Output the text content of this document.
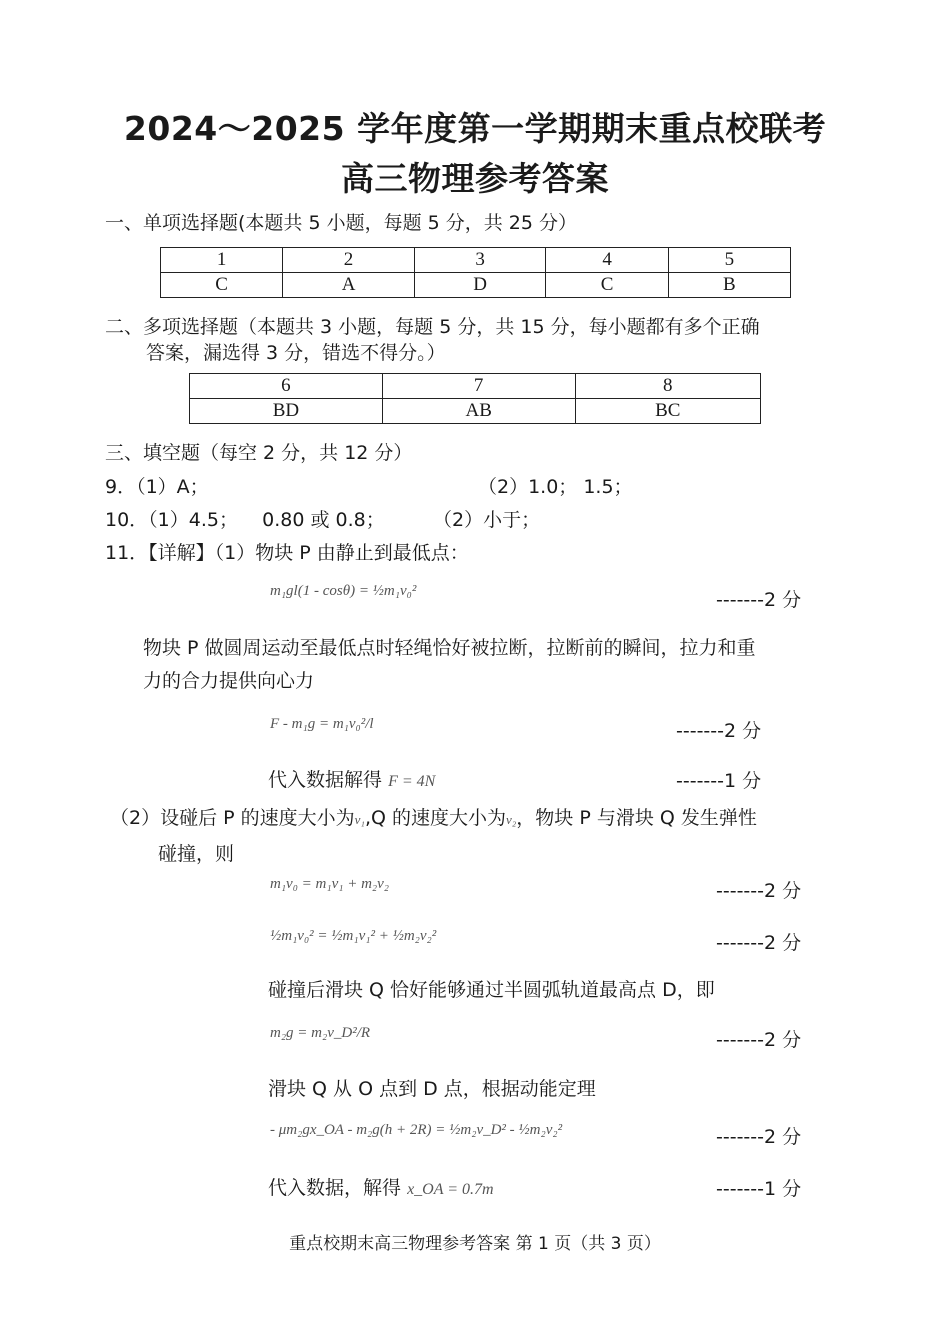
2024～2025 学年度第一学期期末重点校联考
高三物理参考答案
一、单项选择题(本题共 5 小题，每题 5 分，共 25 分）
1	2	3	4	5
C	A	D	C	B
二、多项选择题（本题共 3 小题，每题 5 分，共 15 分，每小题都有多个正确
答案，漏选得 3 分，错选不得分。）
6	7	8
BD	AB	BC
三、填空题（每空 2 分，共 12 分）
9．（1）A；	（2）1.0； 1.5；
10．（1）4.5；    0.80 或 0.8；        （2）小于；
11．【详解】（1）物块 P 由静止到最低点：
m₁gl(1 - cosθ) = ½m₁v₀²	-------2 分
物块 P 做圆周运动至最低点时轻绳恰好被拉断，拉断前的瞬间，拉力和重
力的合力提供向心力
F - m₁g = m₁v₀²/l	-------2 分
代入数据解得 F = 4N	-------1 分
（2）设碰后 P 的速度大小为v₁,Q 的速度大小为v₂，物块 P 与滑块 Q 发生弹性
碰撞，则
m₁v₀ = m₁v₁ + m₂v₂	-------2 分
½m₁v₀² = ½m₁v₁² + ½m₂v₂²	-------2 分
碰撞后滑块 Q 恰好能够通过半圆弧轨道最高点 D，即
m₂g = m₂v_D²/R	-------2 分
滑块 Q 从 O 点到 D 点，根据动能定理
- μm₂gx_OA - m₂g(h + 2R) = ½m₂v_D² - ½m₂v₂²	-------2 分
代入数据，解得 x_OA = 0.7m	-------1 分
重点校期末高三物理参考答案 第 1 页（共 3 页）
